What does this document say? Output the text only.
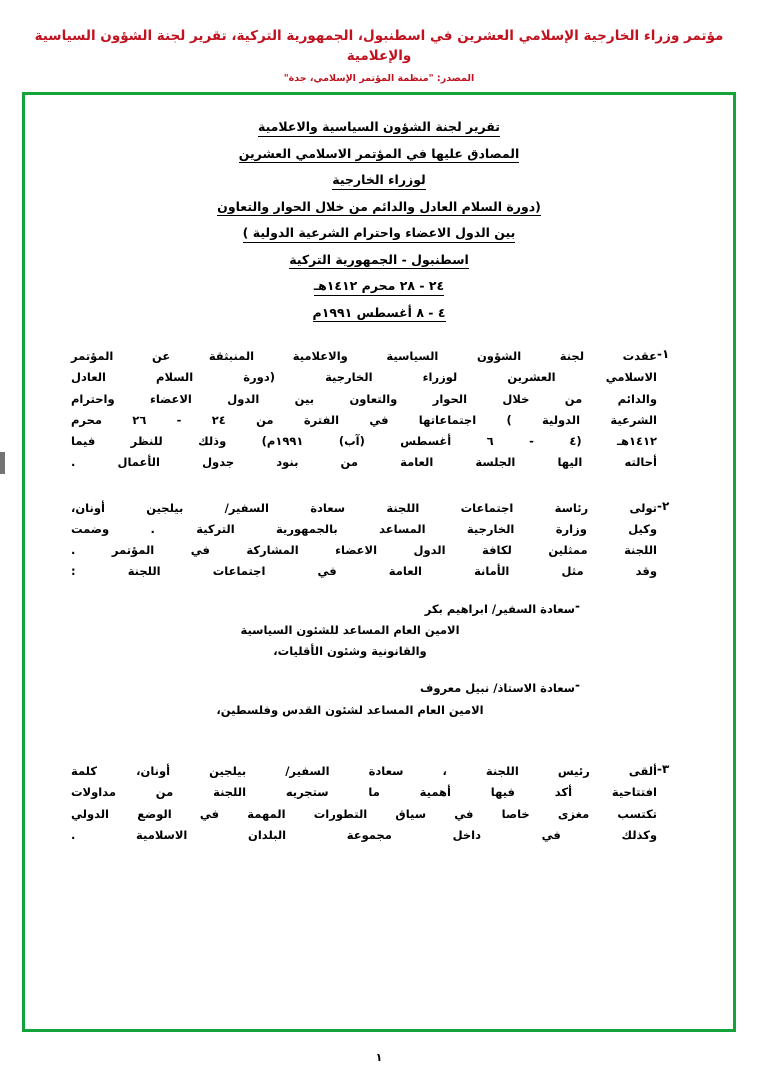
مؤتمر وزراء الخارجية الإسلامي العشرين في اسطنبول، الجمهورية التركية، تقرير لجنة الشؤون السياسية والإعلامية
المصدر: "منظمة المؤتمر الإسلامي، جدة"
تقرير لجنة الشؤون السياسية والاعلامية
المصادق عليها في المؤتمر الاسلامي العشرين
لوزراء الخارجية
(دورة السلام العادل والدائم من خلال الحوار والتعاون
بين الدول الاعضاء واحترام الشرعية الدولية )
اسطنبول - الجمهورية التركية
٢٤ - ٢٨ محرم ١٤١٢هـ
٤ - ٨ أغسطس ١٩٩١م
١-

عقدت لجنة الشؤون السياسية والاعلامية المنبثقة عن المؤتمر

الاسلامي العشرين لوزراء الخارجية (دورة السلام العادل

والدائم من خلال الحوار والتعاون بين الدول الاعضاء واحترام

الشرعية الدولية ) اجتماعاتها في الفترة من ٢٤ - ٢٦ محرم

١٤١٢هـ (٤ - ٦ أغسطس (آب) ١٩٩١م) وذلك للنظر فيما

أحالته اليها الجلسة العامة من بنود جدول الأعمال .

٢-

تولى رئاسة اجتماعات اللجنة سعادة السفير/ بيلجين أونان،

وكيل وزارة الخارجية المساعد بالجمهورية التركية . وضمت

اللجنة ممثلين لكافة الدول الاعضاء المشاركة في المؤتمر .

وقد مثل الأمانة العامة في اجتماعات اللجنة :

-
سعادة السفير/ ابراهيم بكر
الامين العام المساعد للشئون السياسية
والقانونية وشئون الأقليات،
-
سعادة الاستاذ/ نبيل معروف
الامين العام المساعد لشئون القدس وفلسطين،
٣-

ألقى رئيس اللجنة ، سعادة السفير/ بيلجين أونان، كلمة

افتتاحية أكد فيها أهمية ما ستجريه اللجنة من مداولات

تكتسب مغزى خاصا في سياق التطورات المهمة في الوضع الدولي

وكذلك في داخل مجموعة البلدان الاسلامية .

١
